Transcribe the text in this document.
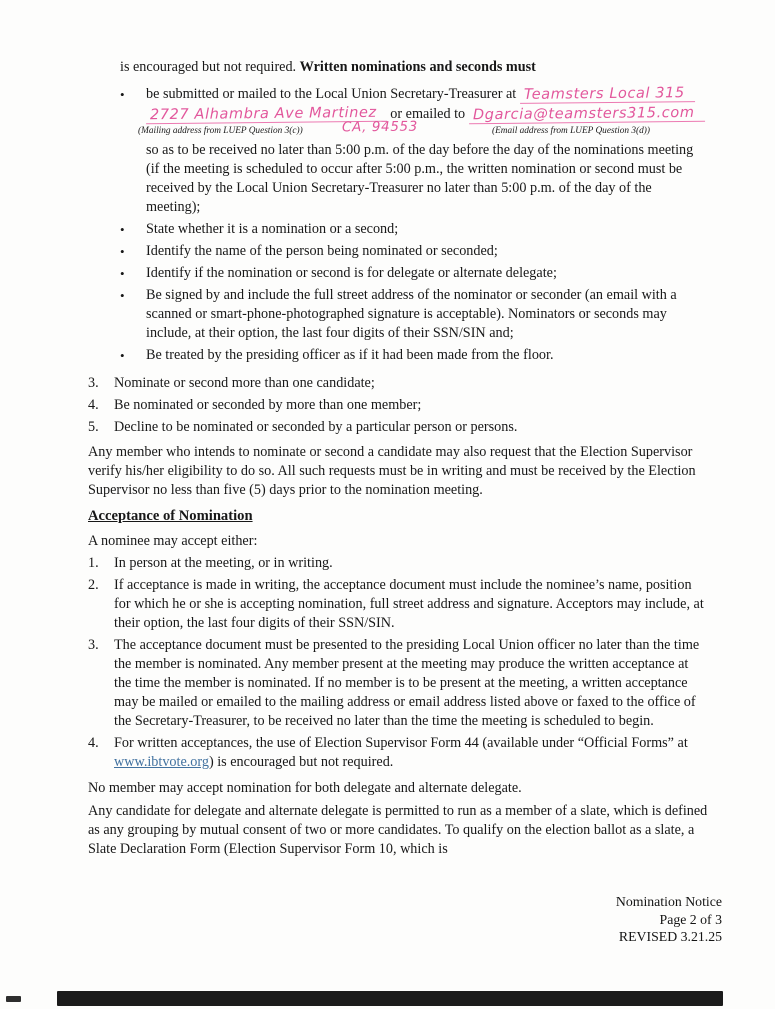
is encouraged but not required. Written nominations and seconds must
•	be submitted or mailed to the Local Union Secretary-Treasurer at Teamsters Local 315
2727 Alhambra Ave Martinez or emailed to Dgarcia@teamsters315.com
(Mailing address from LUEP Question 3(c))	CA, 94553	(Email address from LUEP Question 3(d))
so as to be received no later than 5:00 p.m. of the day before the day of the nominations meeting (if the meeting is scheduled to occur after 5:00 p.m., the written nomination or second must be received by the Local Union Secretary-Treasurer no later than 5:00 p.m. of the day of the meeting);
•	State whether it is a nomination or a second;
•	Identify the name of the person being nominated or seconded;
•	Identify if the nomination or second is for delegate or alternate delegate;
•	Be signed by and include the full street address of the nominator or seconder (an email with a scanned or smart-phone-photographed signature is acceptable). Nominators or seconds may include, at their option, the last four digits of their SSN/SIN and;
•	Be treated by the presiding officer as if it had been made from the floor.
3.	Nominate or second more than one candidate;
4.	Be nominated or seconded by more than one member;
5.	Decline to be nominated or seconded by a particular person or persons.
Any member who intends to nominate or second a candidate may also request that the Election Supervisor verify his/her eligibility to do so. All such requests must be in writing and must be received by the Election Supervisor no less than five (5) days prior to the nomination meeting.
Acceptance of Nomination
A nominee may accept either:
1.	In person at the meeting, or in writing.
2.	If acceptance is made in writing, the acceptance document must include the nominee’s name, position for which he or she is accepting nomination, full street address and signature. Acceptors may include, at their option, the last four digits of their SSN/SIN.
3.	The acceptance document must be presented to the presiding Local Union officer no later than the time the member is nominated. Any member present at the meeting may produce the written acceptance at the time the member is nominated. If no member is to be present at the meeting, a written acceptance may be mailed or emailed to the mailing address or email address listed above or faxed to the office of the Secretary-Treasurer, to be received no later than the time the meeting is scheduled to begin.
4.	For written acceptances, the use of Election Supervisor Form 44 (available under “Official Forms” at www.ibtvote.org) is encouraged but not required.
No member may accept nomination for both delegate and alternate delegate.
Any candidate for delegate and alternate delegate is permitted to run as a member of a slate, which is defined as any grouping by mutual consent of two or more candidates. To qualify on the election ballot as a slate, a Slate Declaration Form (Election Supervisor Form 10, which is
Nomination Notice
Page 2 of 3
REVISED 3.21.25
